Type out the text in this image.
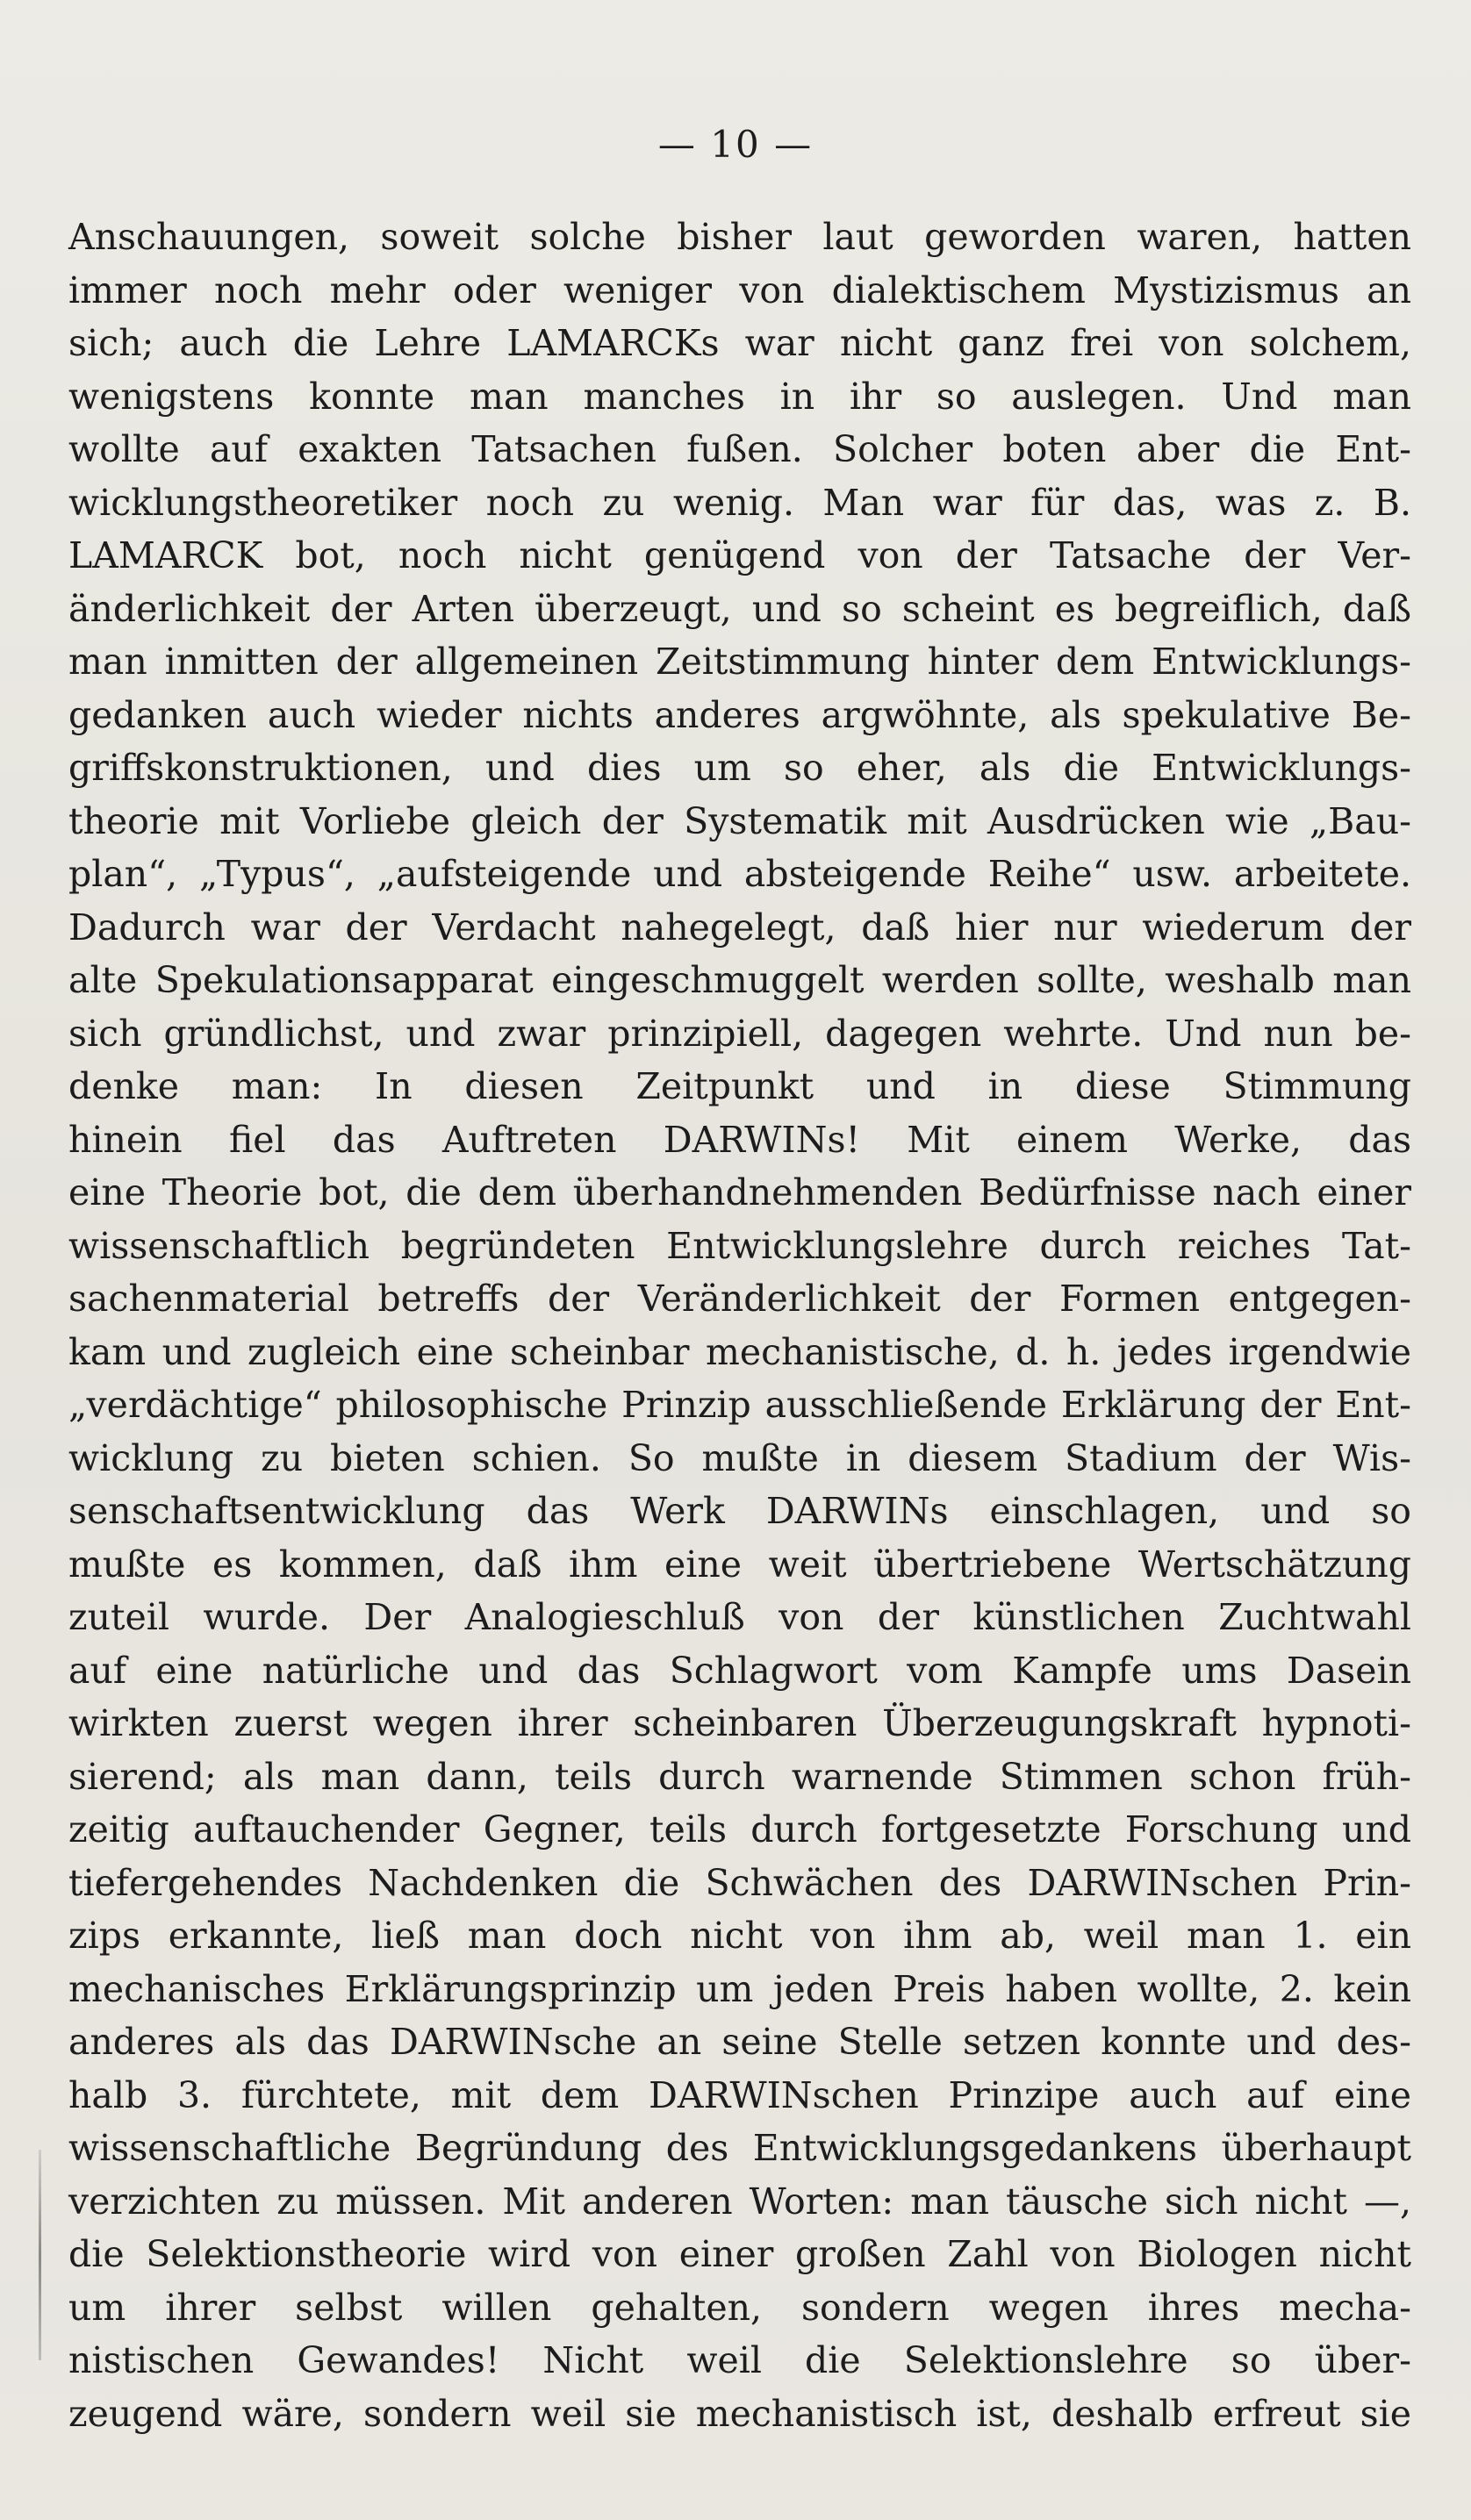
— 10 —
Anschauungen, soweit solche bisher laut geworden waren, hatten
immer noch mehr oder weniger von dialektischem Mystizismus an
sich; auch die Lehre LAMARCKs war nicht ganz frei von solchem,
wenigstens konnte man manches in ihr so auslegen. Und man
wollte auf exakten Tatsachen fußen. Solcher boten aber die Ent-
wicklungstheoretiker noch zu wenig. Man war für das, was z. B.
LAMARCK bot, noch nicht genügend von der Tatsache der Ver-
änderlichkeit der Arten überzeugt, und so scheint es begreiflich, daß
man inmitten der allgemeinen Zeitstimmung hinter dem Entwicklungs-
gedanken auch wieder nichts anderes argwöhnte, als spekulative Be-
griffskonstruktionen, und dies um so eher, als die Entwicklungs-
theorie mit Vorliebe gleich der Systematik mit Ausdrücken wie „Bau-
plan“, „Typus“, „aufsteigende und absteigende Reihe“ usw. arbeitete.
Dadurch war der Verdacht nahegelegt, daß hier nur wiederum der
alte Spekulationsapparat eingeschmuggelt werden sollte, weshalb man
sich gründlichst, und zwar prinzipiell, dagegen wehrte. Und nun be-
denke man: In diesen Zeitpunkt und in diese Stimmung
hinein fiel das Auftreten DARWINs! Mit einem Werke, das
eine Theorie bot, die dem überhandnehmenden Bedürfnisse nach einer
wissenschaftlich begründeten Entwicklungslehre durch reiches Tat-
sachenmaterial betreffs der Veränderlichkeit der Formen entgegen-
kam und zugleich eine scheinbar mechanistische, d. h. jedes irgendwie
„verdächtige“ philosophische Prinzip ausschließende Erklärung der Ent-
wicklung zu bieten schien. So mußte in diesem Stadium der Wis-
senschaftsentwicklung das Werk DARWINs einschlagen, und so
mußte es kommen, daß ihm eine weit übertriebene Wertschätzung
zuteil wurde. Der Analogieschluß von der künstlichen Zuchtwahl
auf eine natürliche und das Schlagwort vom Kampfe ums Dasein
wirkten zuerst wegen ihrer scheinbaren Überzeugungskraft hypnoti-
sierend; als man dann, teils durch warnende Stimmen schon früh-
zeitig auftauchender Gegner, teils durch fortgesetzte Forschung und
tiefergehendes Nachdenken die Schwächen des DARWINschen Prin-
zips erkannte, ließ man doch nicht von ihm ab, weil man 1. ein
mechanisches Erklärungsprinzip um jeden Preis haben wollte, 2. kein
anderes als das DARWINsche an seine Stelle setzen konnte und des-
halb 3. fürchtete, mit dem DARWINschen Prinzipe auch auf eine
wissenschaftliche Begründung des Entwicklungsgedankens überhaupt
verzichten zu müssen. Mit anderen Worten: man täusche sich nicht —,
die Selektionstheorie wird von einer großen Zahl von Biologen nicht
um ihrer selbst willen gehalten, sondern wegen ihres mecha-
nistischen Gewandes! Nicht weil die Selektionslehre so über-
zeugend wäre, sondern weil sie mechanistisch ist, deshalb erfreut sie
